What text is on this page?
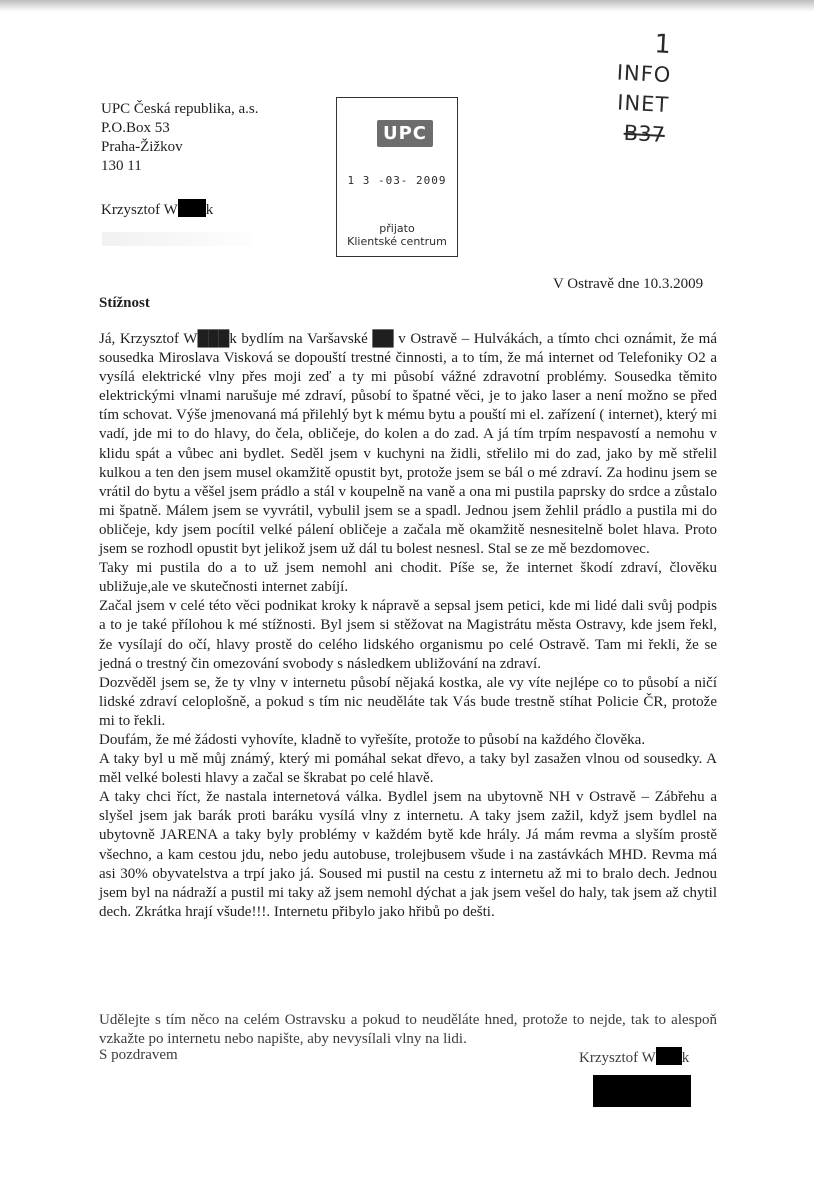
1
INFO
INET
B37
UPC Česká republika, a.s.
P.O.Box 53
Praha-Žižkov
130 11
Krzysztof W k
UPC
1 3 -03- 2009
přijato
Klientské centrum
V Ostravě dne 10.3.2009
Stížnost

Já, Krzysztof W███k bydlím na Varšavské ██ v Ostravě – Hulvákách, a tímto chci oznámit, že má sousedka Miroslava Visková se dopouští trestné činnosti, a to tím, že má internet od Telefoniky O2 a vysílá elektrické vlny přes moji zeď a ty mi působí vážné zdravotní problémy. Sousedka těmito elektrickými vlnami narušuje mé zdraví, působí to špatné věci, je to jako laser a není možno se před tím schovat. Výše jmenovaná má přilehlý byt k mému bytu a pouští mi el. zařízení ( internet), který mi vadí, jde mi to do hlavy, do čela, obličeje, do kolen a do zad. A já tím trpím nespavostí a nemohu v klidu spát a vůbec ani bydlet. Seděl jsem v kuchyni na židli, střelilo mi do zad, jako by mě střelil kulkou a ten den jsem musel okamžitě opustit byt, protože jsem se bál o mé zdraví. Za hodinu jsem se vrátil do bytu a věšel jsem prádlo a stál v koupelně na vaně a ona mi pustila paprsky do srdce a zůstalo mi špatně. Málem jsem se vyvrátil, vybulil jsem se a spadl. Jednou jsem žehlil prádlo a pustila mi do obličeje, kdy jsem pocítil velké pálení obličeje a začala mě okamžitě nesnesitelně bolet hlava. Proto jsem se rozhodl opustit byt jelikož jsem už dál tu bolest nesnesl. Stal se ze mě bezdomovec.

Taky mi pustila do a to už jsem nemohl ani chodit. Píše se, že internet škodí zdraví, člověku ubližuje,ale ve skutečnosti internet zabíjí.

Začal jsem v celé této věci podnikat kroky k nápravě a sepsal jsem petici, kde mi lidé dali svůj podpis a to je také přílohou k mé stížnosti. Byl jsem si stěžovat na Magistrátu města Ostravy, kde jsem řekl, že vysílají do očí, hlavy prostě do celého lidského organismu po celé Ostravě. Tam mi řekli, že se jedná o trestný čin omezování svobody s následkem ubližování na zdraví.

Dozvěděl jsem se, že ty vlny v internetu působí nějaká kostka, ale vy víte nejlépe co to působí a ničí lidské zdraví celoplošně, a pokud s tím nic neuděláte tak Vás bude trestně stíhat Policie ČR, protože mi to řekli.

Doufám, že mé žádosti vyhovíte, kladně to vyřešíte, protože to působí na každého člověka.

A taky byl u mě můj známý, který mi pomáhal sekat dřevo, a taky byl zasažen vlnou od sousedky. A měl velké bolesti hlavy a začal se škrabat po celé hlavě.

A taky chci říct, že nastala internetová válka. Bydlel jsem na ubytovně NH v Ostravě – Zábřehu a slyšel jsem jak barák proti baráku vysílá vlny z internetu. A taky jsem zažil, když jsem bydlel na ubytovně JARENA a taky byly problémy v každém bytě kde hrály. Já mám revma a slyším prostě všechno, a kam cestou jdu, nebo jedu autobuse, trolejbusem všude i na zastávkách MHD. Revma má asi 30% obyvatelstva a trpí jako já. Soused mi pustil na cestu z internetu až mi to bralo dech. Jednou jsem byl na nádraží a pustil mi taky až jsem nemohl dýchat a jak jsem vešel do haly, tak jsem až chytil dech. Zkrátka hrají všude!!!. Internetu přibylo jako hřibů po dešti.

Udělejte s tím něco na celém Ostravsku a pokud to neuděláte hned, protože to nejde, tak to alespoň vzkažte po internetu nebo napište, aby nevysílali vlny na lidi.
S pozdravem	Krzysztof W k
